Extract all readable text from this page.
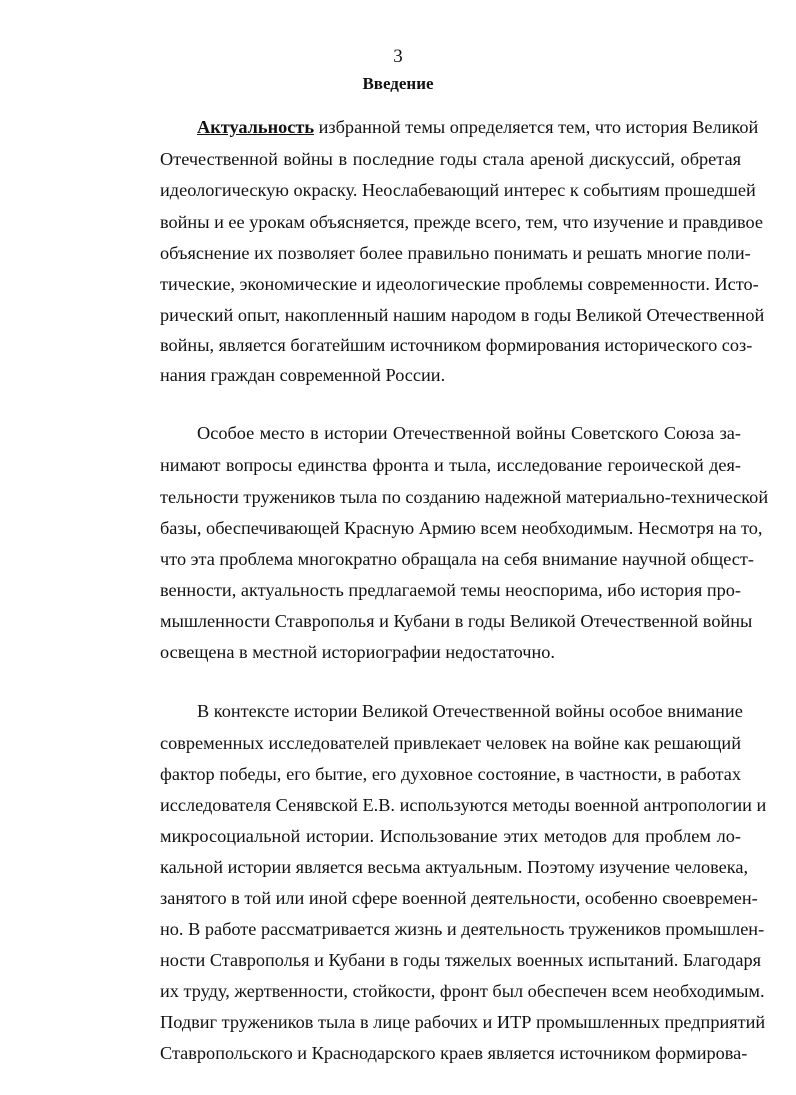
3
Введение
Актуальность избранной темы определяется тем, что история Великой
Отечественной войны в последние годы стала ареной дискуссий, обретая
идеологическую окраску. Неослабевающий интерес к событиям прошедшей
войны и ее урокам объясняется, прежде всего, тем, что изучение и правдивое
объяснение их позволяет более правильно понимать и решать многие поли-
тические, экономические и идеологические проблемы современности. Исто-
рический опыт, накопленный нашим народом в годы Великой Отечественной
войны, является богатейшим источником формирования исторического соз-
нания граждан современной России.
Особое место в истории Отечественной войны Советского Союза за-
нимают вопросы единства фронта и тыла, исследование героической дея-
тельности тружеников тыла по созданию надежной материально-технической
базы, обеспечивающей Красную Армию всем необходимым. Несмотря на то,
что эта проблема многократно обращала на себя внимание научной общест-
венности, актуальность предлагаемой темы неоспорима, ибо история про-
мышленности Ставрополья и Кубани в годы Великой Отечественной войны
освещена в местной историографии недостаточно.
В контексте истории Великой Отечественной войны особое внимание
современных исследователей привлекает человек на войне как решающий
фактор победы, его бытие, его духовное состояние, в частности, в работах
исследователя Сенявской Е.В. используются методы военной антропологии и
микросоциальной истории. Использование этих методов для проблем ло-
кальной истории является весьма актуальным. Поэтому изучение человека,
занятого в той или иной сфере военной деятельности, особенно своевремен-
но. В работе рассматривается жизнь и деятельность тружеников промышлен-
ности Ставрополья и Кубани в годы тяжелых военных испытаний. Благодаря
их труду, жертвенности, стойкости, фронт был обеспечен всем необходимым.
Подвиг тружеников тыла в лице рабочих и ИТР промышленных предприятий
Ставропольского и Краснодарского краев является источником формирова-
